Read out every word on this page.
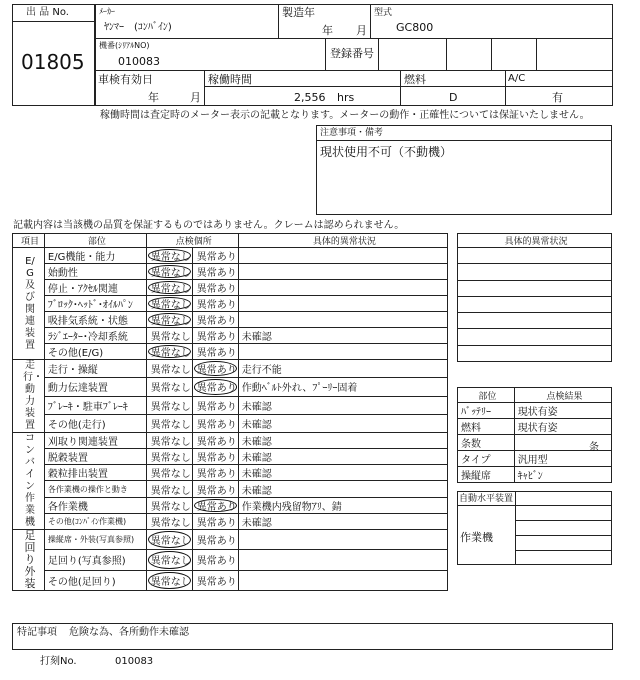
出 品 No.
01805
ﾒｰｶｰ
ﾔﾝﾏｰ　(ｺﾝﾊﾞｲﾝ)
製造年
年 月
型式
GC800
機番(ｼﾘｱﾙNO)
010083
登録番号
車検有効日
年	月
稼働時間
2,556 hrs
燃料
D
A/C
有
稼働時間は査定時のメーター表示の記載となります。メーターの動作・正確性については保証いたしません。
注意事項・備考
現状使用不可（不動機）
記載内容は当該機の品質を保証するものではありません。クレームは認められません。
項目	部位	点検個所		具体的異常状況

E/G及び関連装置	E/G機能・能力	異常なし	異常あり	
	始動性	異常なし	異常あり	
	停止・ｱｸｾﾙ関連	異常なし	異常あり	
	ﾌﾞﾛｯｸ･ﾍｯﾄﾞ･ｵｲﾙﾊﾟﾝ	異常なし	異常あり	
	吸排気系統・状態	異常なし	異常あり	
	ﾗｼﾞｴｰﾀｰ･冷却系統	異常なし	異常あり	未確認
	その他(E/G)	異常なし	異常あり	

走行・動力装置	走行・操縦	異常なし	異常あり	走行不能
	動力伝達装置	異常なし	異常あり	作動ﾍﾞﾙﾄ外れ、ﾌﾟｰﾘｰ固着
	ﾌﾞﾚｰｷ・駐車ﾌﾞﾚｰｷ	異常なし	異常あり	未確認
	その他(走行)	異常なし	異常あり	未確認

コンバイン作業機	刈取り関連装置	異常なし	異常あり	未確認
	脱穀装置	異常なし	異常あり	未確認
	穀粒排出装置	異常なし	異常あり	未確認
	各作業機の操作と動き	異常なし	異常あり	未確認
	各作業機	異常なし	異常あり	作業機内残留物ｱﾘ、錆
	その他(ｺﾝﾊﾞｲﾝ作業機)	異常なし	異常あり	未確認

足回り外装	操縦席・外装(写真参照)	異常なし	異常あり	
	足回り(写真参照)	異常なし	異常あり	
	その他(足回り)	異常なし	異常あり	
具体的異常状況

部位	点検結果
ﾊﾞｯﾃﾘｰ	現状有姿
燃料	現状有姿
条数	条

タイプ	汎用型
操縦席	ｷｬﾋﾞﾝ
自動水平装置
作業機
特記事項 危険な為、各所動作未確認
打刻No.	010083
